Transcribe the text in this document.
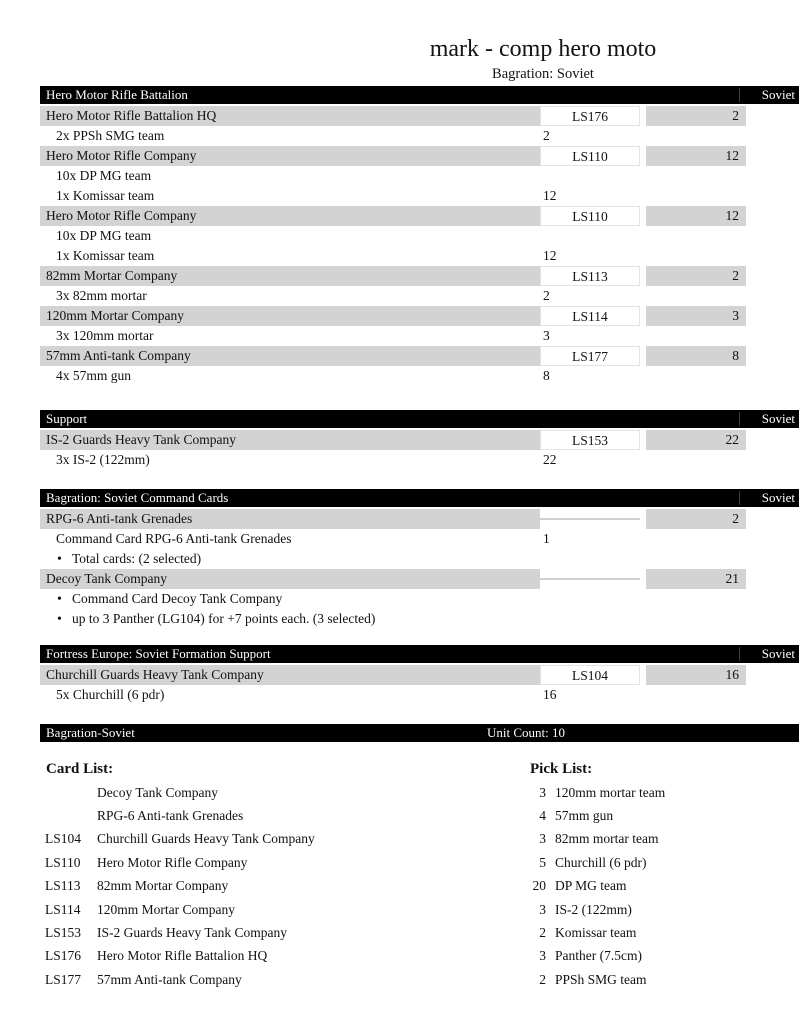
mark - comp hero moto
Bagration: Soviet
Hero Motor Rifle Battalion	Soviet
Hero Motor Rifle Battalion HQ	LS176	2
2x PPSh SMG team	2
Hero Motor Rifle Company	LS110	12
10x DP MG team
1x Komissar team	12
Hero Motor Rifle Company	LS110	12
10x DP MG team
1x Komissar team	12
82mm Mortar Company	LS113	2
3x 82mm mortar	2
120mm Mortar Company	LS114	3
3x 120mm mortar	3
57mm Anti-tank Company	LS177	8
4x 57mm gun	8
Support	Soviet
IS-2 Guards Heavy Tank Company	LS153	22
3x IS-2 (122mm)	22
Bagration: Soviet Command Cards	Soviet
RPG-6 Anti-tank Grenades	2
Command Card RPG-6 Anti-tank Grenades	1
•
Total cards: (2 selected)
Decoy Tank Company	21
•
Command Card Decoy Tank Company
•
up to 3 Panther (LG104) for +7 points each. (3 selected)
Fortress Europe: Soviet Formation Support	Soviet
Churchill Guards Heavy Tank Company	LS104	16
5x Churchill (6 pdr)	16
Bagration-Soviet	Unit Count: 10
Card List:
Decoy Tank Company
RPG-6 Anti-tank Grenades
LS104	Churchill Guards Heavy Tank Company
LS110	Hero Motor Rifle Company
LS113	82mm Mortar Company
LS114	120mm Mortar Company
LS153	IS-2 Guards Heavy Tank Company
LS176	Hero Motor Rifle Battalion HQ
LS177	57mm Anti-tank Company
Pick List:
3 120mm mortar team
4 57mm gun
3 82mm mortar team
5 Churchill (6 pdr)
20 DP MG team
3 IS-2 (122mm)
2 Komissar team
3 Panther (7.5cm)
2 PPSh SMG team
